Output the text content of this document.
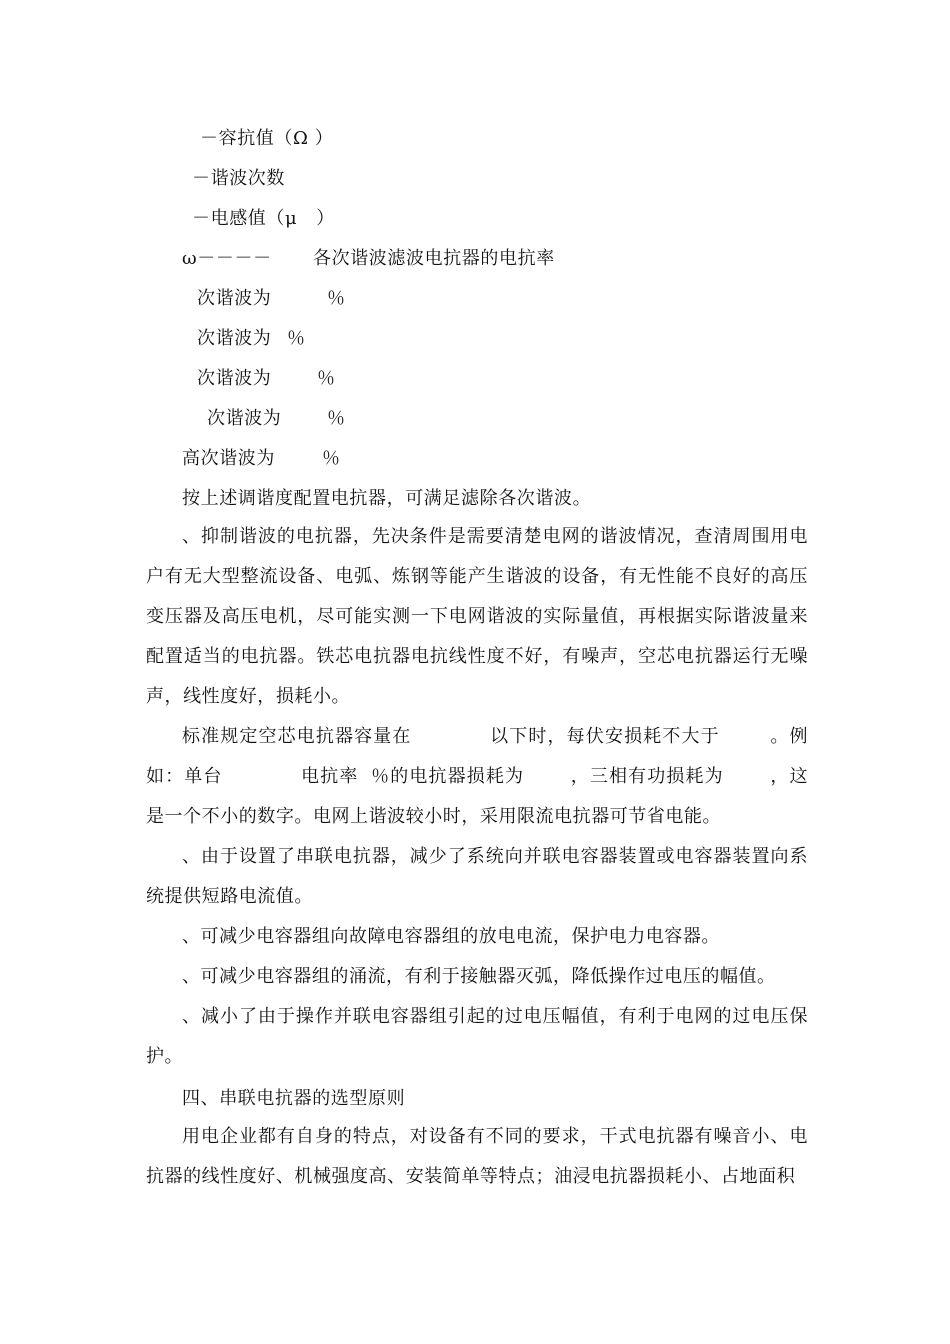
－容抗值（Ω ）
－谐波次数
－电感值（μ   ）
ω－－－－ 各次谐波滤波电抗器的电抗率
次谐波为	％
次谐波为 ％
次谐波为	％
次谐波为	％
高次谐波为	％
按上述调谐度配置电抗器，可满足滤除各次谐波。

、抑制谐波的电抗器，先决条件是需要清楚电网的谐波情况，查清周围用电户有无大型整流设备、电弧、炼钢等能产生谐波的设备，有无性能不良好的高压变压器及高压电机，尽可能实测一下电网谐波的实际量值，再根据实际谐波量来配置适当的电抗器。铁芯电抗器电抗线性度不好，有噪声，空芯电抗器运行无噪声，线性度好，损耗小。

标准规定空芯电抗器容量在	以下时，每伏安损耗不大于	。例如：单台	电抗率 ％的电抗器损耗为	，三相有功损耗为	，这是一个不小的数字。电网上谐波较小时，采用限流电抗器可节省电能。

、由于设置了串联电抗器，减少了系统向并联电容器装置或电容器装置向系统提供短路电流值。

、可减少电容器组向故障电容器组的放电电流，保护电力电容器。

、可减少电容器组的涌流，有利于接触器灭弧，降低操作过电压的幅值。

、减小了由于操作并联电容器组引起的过电压幅值，有利于电网的过电压保护。

四、串联电抗器的选型原则

用电企业都有自身的特点，对设备有不同的要求，干式电抗器有噪音小、电抗器的线性度好、机械强度高、安装简单等特点；油浸电抗器损耗小、占地面积
